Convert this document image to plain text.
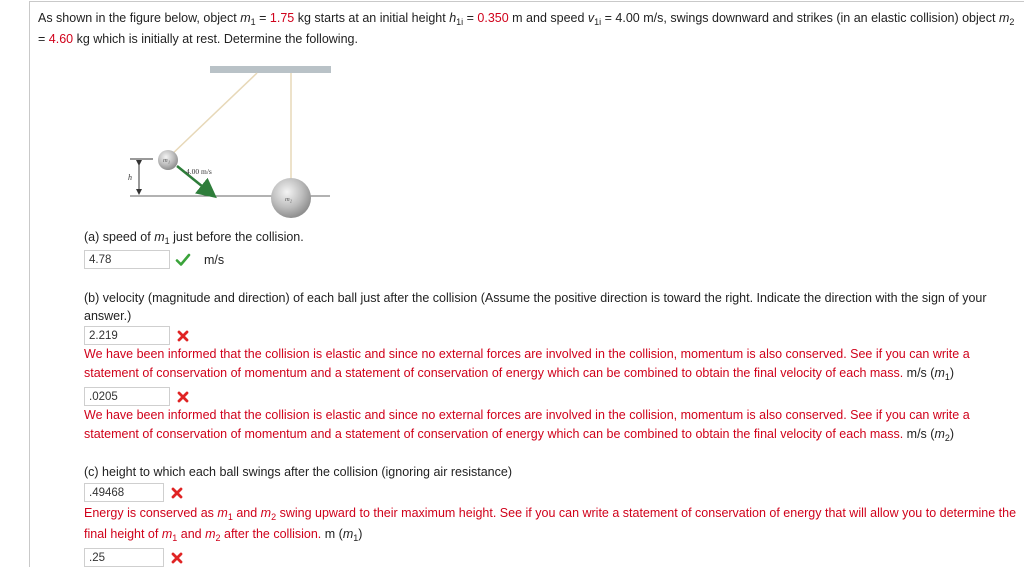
As shown in the figure below, object $m_1 = 1.75$ kg starts at an initial height $h_{1i} = 0.350$ m and speed $v_{1i} = 4.00$ m/s, swings downward and strikes (in an elastic collision) object $m_2 = 4.60$ kg which is initially at rest. Determine the following.
h
m₁
4.00 m/s
m₂
(a) speed of $m_1$ just before the collision.
4.78
m/s
(b) velocity (magnitude and direction) of each ball just after the collision (Assume the positive direction is toward the right. Indicate the direction with the sign of your answer.)
2.219
We have been informed that the collision is elastic and since no external forces are involved in the collision, momentum is also conserved. See if you can write a statement of conservation of momentum and a statement of conservation of energy which can be combined to obtain the final velocity of each mass. m/s $(m_1)$
.0205
We have been informed that the collision is elastic and since no external forces are involved in the collision, momentum is also conserved. See if you can write a statement of conservation of momentum and a statement of conservation of energy which can be combined to obtain the final velocity of each mass. m/s $(m_2)$
(c) height to which each ball swings after the collision (ignoring air resistance)
.49468
Energy is conserved as $m_1$ and $m_2$ swing upward to their maximum height. See if you can write a statement of conservation of energy that will allow you to determine the final height of $m_1$ and $m_2$ after the collision. m $(m_1)$
.25
